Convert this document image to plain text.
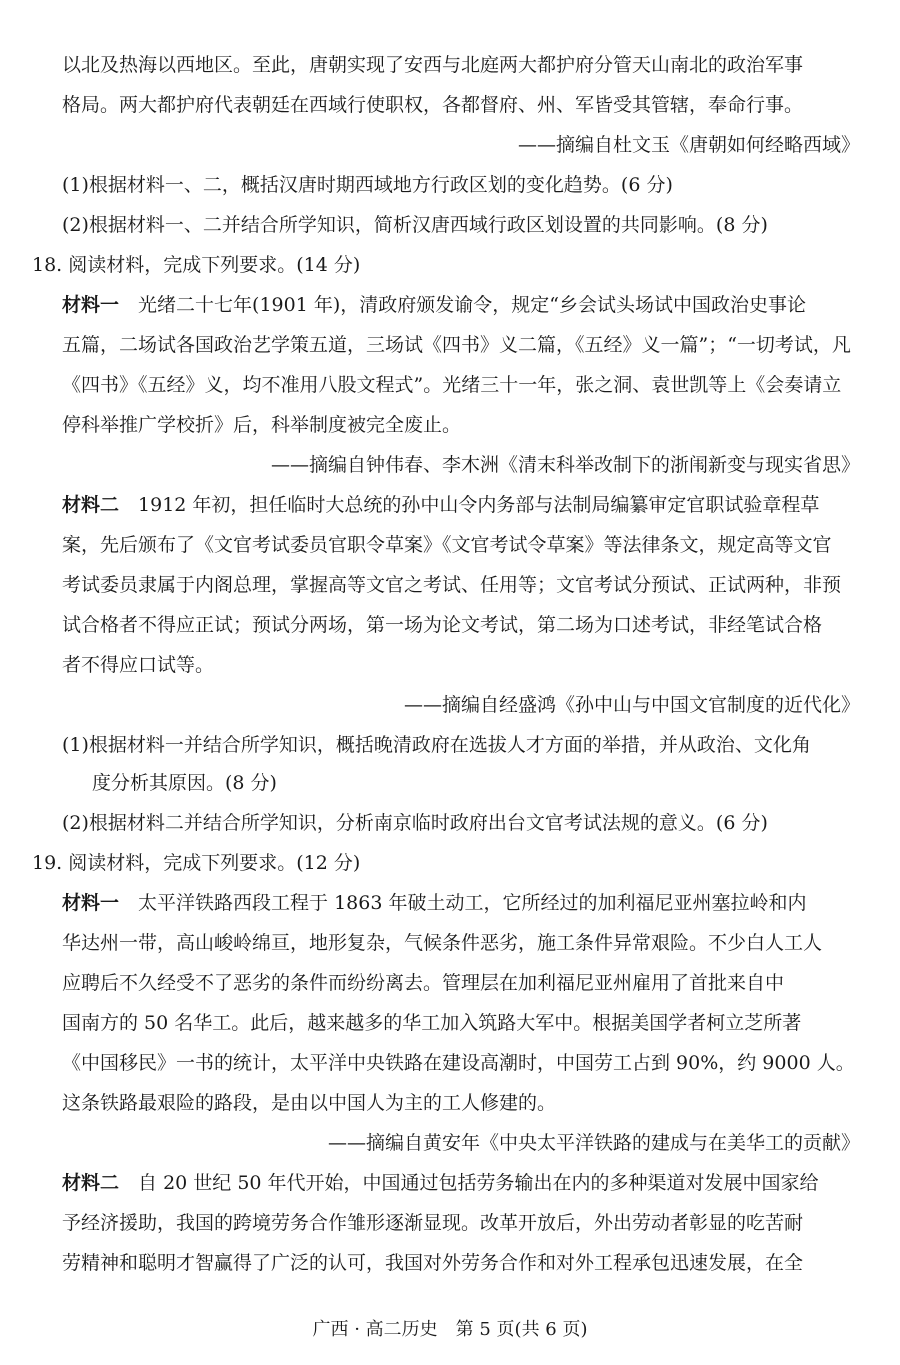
以北及热海以西地区。至此，唐朝实现了安西与北庭两大都护府分管天山南北的政治军事
格局。两大都护府代表朝廷在西域行使职权，各都督府、州、军皆受其管辖，奉命行事。
——摘编自杜文玉《唐朝如何经略西域》
(1)根据材料一、二，概括汉唐时期西域地方行政区划的变化趋势。(6 分)
(2)根据材料一、二并结合所学知识，简析汉唐西域行政区划设置的共同影响。(8 分)
18. 阅读材料，完成下列要求。(14 分)
材料一　 光绪二十七年(1901 年)，清政府颁发谕令，规定“乡会试头场试中国政治史事论
五篇，二场试各国政治艺学策五道，三场试《四书》义二篇，《五经》义一篇”；“一切考试，凡
《四书》《五经》义，均不准用八股文程式”。光绪三十一年，张之洞、袁世凯等上《会奏请立
停科举推广学校折》后，科举制度被完全废止。
——摘编自钟伟春、李木洲《清末科举改制下的浙闱新变与现实省思》
材料二　 1912 年初，担任临时大总统的孙中山令内务部与法制局编纂审定官职试验章程草
案，先后颁布了《文官考试委员官职令草案》《文官考试令草案》等法律条文，规定高等文官
考试委员隶属于内阁总理，掌握高等文官之考试、任用等；文官考试分预试、正试两种，非预
试合格者不得应正试；预试分两场，第一场为论文考试，第二场为口述考试，非经笔试合格
者不得应口试等。
——摘编自经盛鸿《孙中山与中国文官制度的近代化》
(1)根据材料一并结合所学知识，概括晚清政府在选拔人才方面的举措，并从政治、文化角
度分析其原因。(8 分)
(2)根据材料二并结合所学知识，分析南京临时政府出台文官考试法规的意义。(6 分)
19. 阅读材料，完成下列要求。(12 分)
材料一　 太平洋铁路西段工程于 1863 年破土动工，它所经过的加利福尼亚州塞拉岭和内
华达州一带，高山峻岭绵亘，地形复杂，气候条件恶劣，施工条件异常艰险。不少白人工人
应聘后不久经受不了恶劣的条件而纷纷离去。管理层在加利福尼亚州雇用了首批来自中
国南方的 50 名华工。此后，越来越多的华工加入筑路大军中。根据美国学者柯立芝所著
《中国移民》一书的统计，太平洋中央铁路在建设高潮时，中国劳工占到 90%，约 9000 人。
这条铁路最艰险的路段，是由以中国人为主的工人修建的。
——摘编自黄安年《中央太平洋铁路的建成与在美华工的贡献》
材料二　 自 20 世纪 50 年代开始，中国通过包括劳务输出在内的多种渠道对发展中国家给
予经济援助，我国的跨境劳务合作雏形逐渐显现。改革开放后，外出劳动者彰显的吃苦耐
劳精神和聪明才智赢得了广泛的认可，我国对外劳务合作和对外工程承包迅速发展，在全
广西 · 高二历史　第 5 页(共 6 页)
